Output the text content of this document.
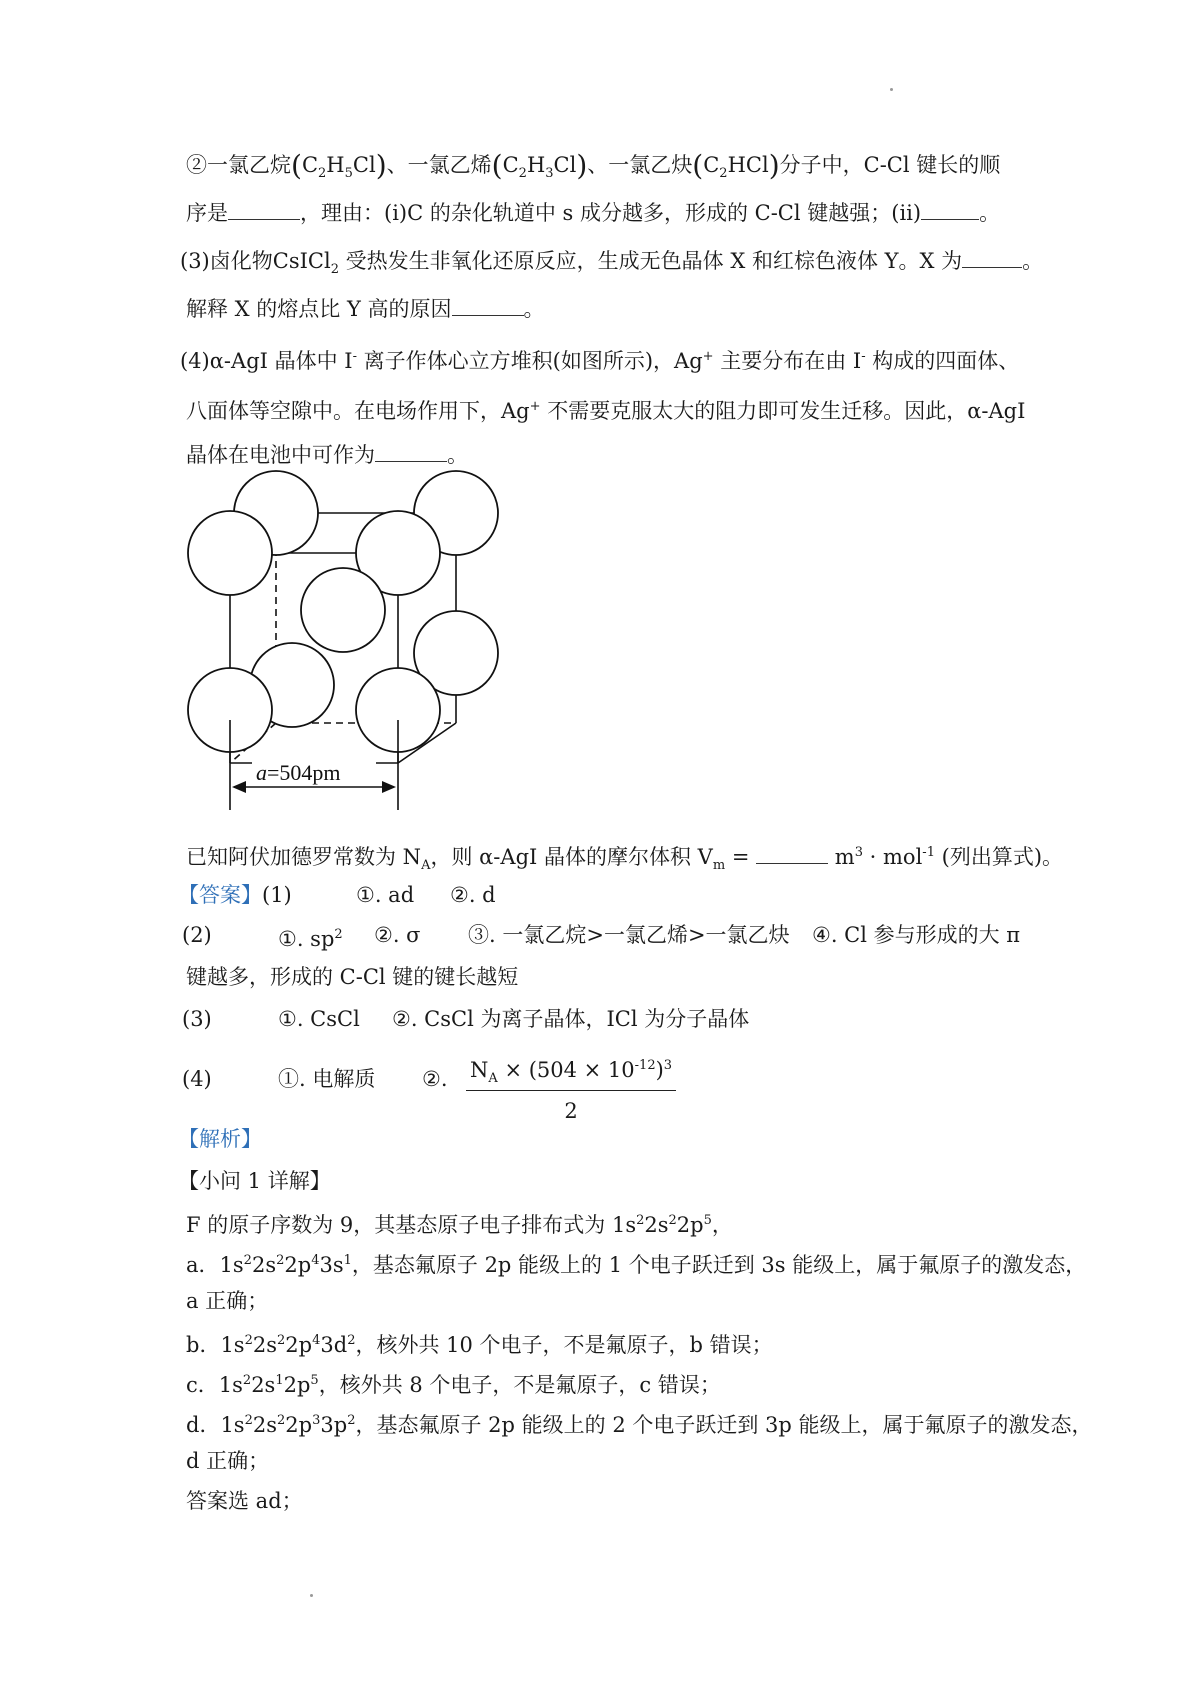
②一氯乙烷$(C_2H_5Cl)$、一氯乙烯$(C_2H_3Cl)$、一氯乙炔$(C_2HCl)$分子中，C-Cl 键长的顺
序是	，理由：(ⅰ)C 的杂化轨道中 s 成分越多，形成的 C-Cl 键越强；(ⅱ)	。
(3)卤化物CsICl$_2$ 受热发生非氧化还原反应，生成无色晶体 X 和红棕色液体 Y。X 为	。
解释 X 的熔点比 Y 高的原因	。
(4)α-AgI 晶体中 I- 离子作体心立方堆积(如图所示)，Ag+ 主要分布在由 I- 构成的四面体、
八面体等空隙中。在电场作用下，Ag+ 不需要克服太大的阻力即可发生迁移。因此，α-AgI
晶体在电池中可作为	。
a=504pm
已知阿伏加德罗常数为 $N_A$，则 α-AgI 晶体的摩尔体积 $V_m$ =	$m^3 \cdot mol^{-1}$ (列出算式)。
【答案】(1)	①. ad ②. d
(2)	①. $sp^2$ ②. σ ③. 一氯乙烷>一氯乙烯>一氯乙炔 ④. Cl 参与形成的大 π
键越多，形成的 C-Cl 键的键长越短
(3)	①. CsCl ②. CsCl 为离子晶体，ICl 为分子晶体
(4)	①. 电解质 ②. $\frac{N_A \times (504 \times 10^{-12})^3}{2}$
【解析】
【小问 1 详解】
F 的原子序数为 9，其基态原子电子排布式为 $1s^22s^22p^5$，
a．$1s^22s^22p^43s^1$，基态氟原子 2p 能级上的 1 个电子跃迁到 3s 能级上，属于氟原子的激发态，
a 正确；
b．$1s^22s^22p^43d^2$，核外共 10 个电子，不是氟原子，b 错误；
c．$1s^22s^12p^5$，核外共 8 个电子，不是氟原子，c 错误；
d．$1s^22s^22p^33p^2$，基态氟原子 2p 能级上的 2 个电子跃迁到 3p 能级上，属于氟原子的激发态，
d 正确；
答案选 ad；
